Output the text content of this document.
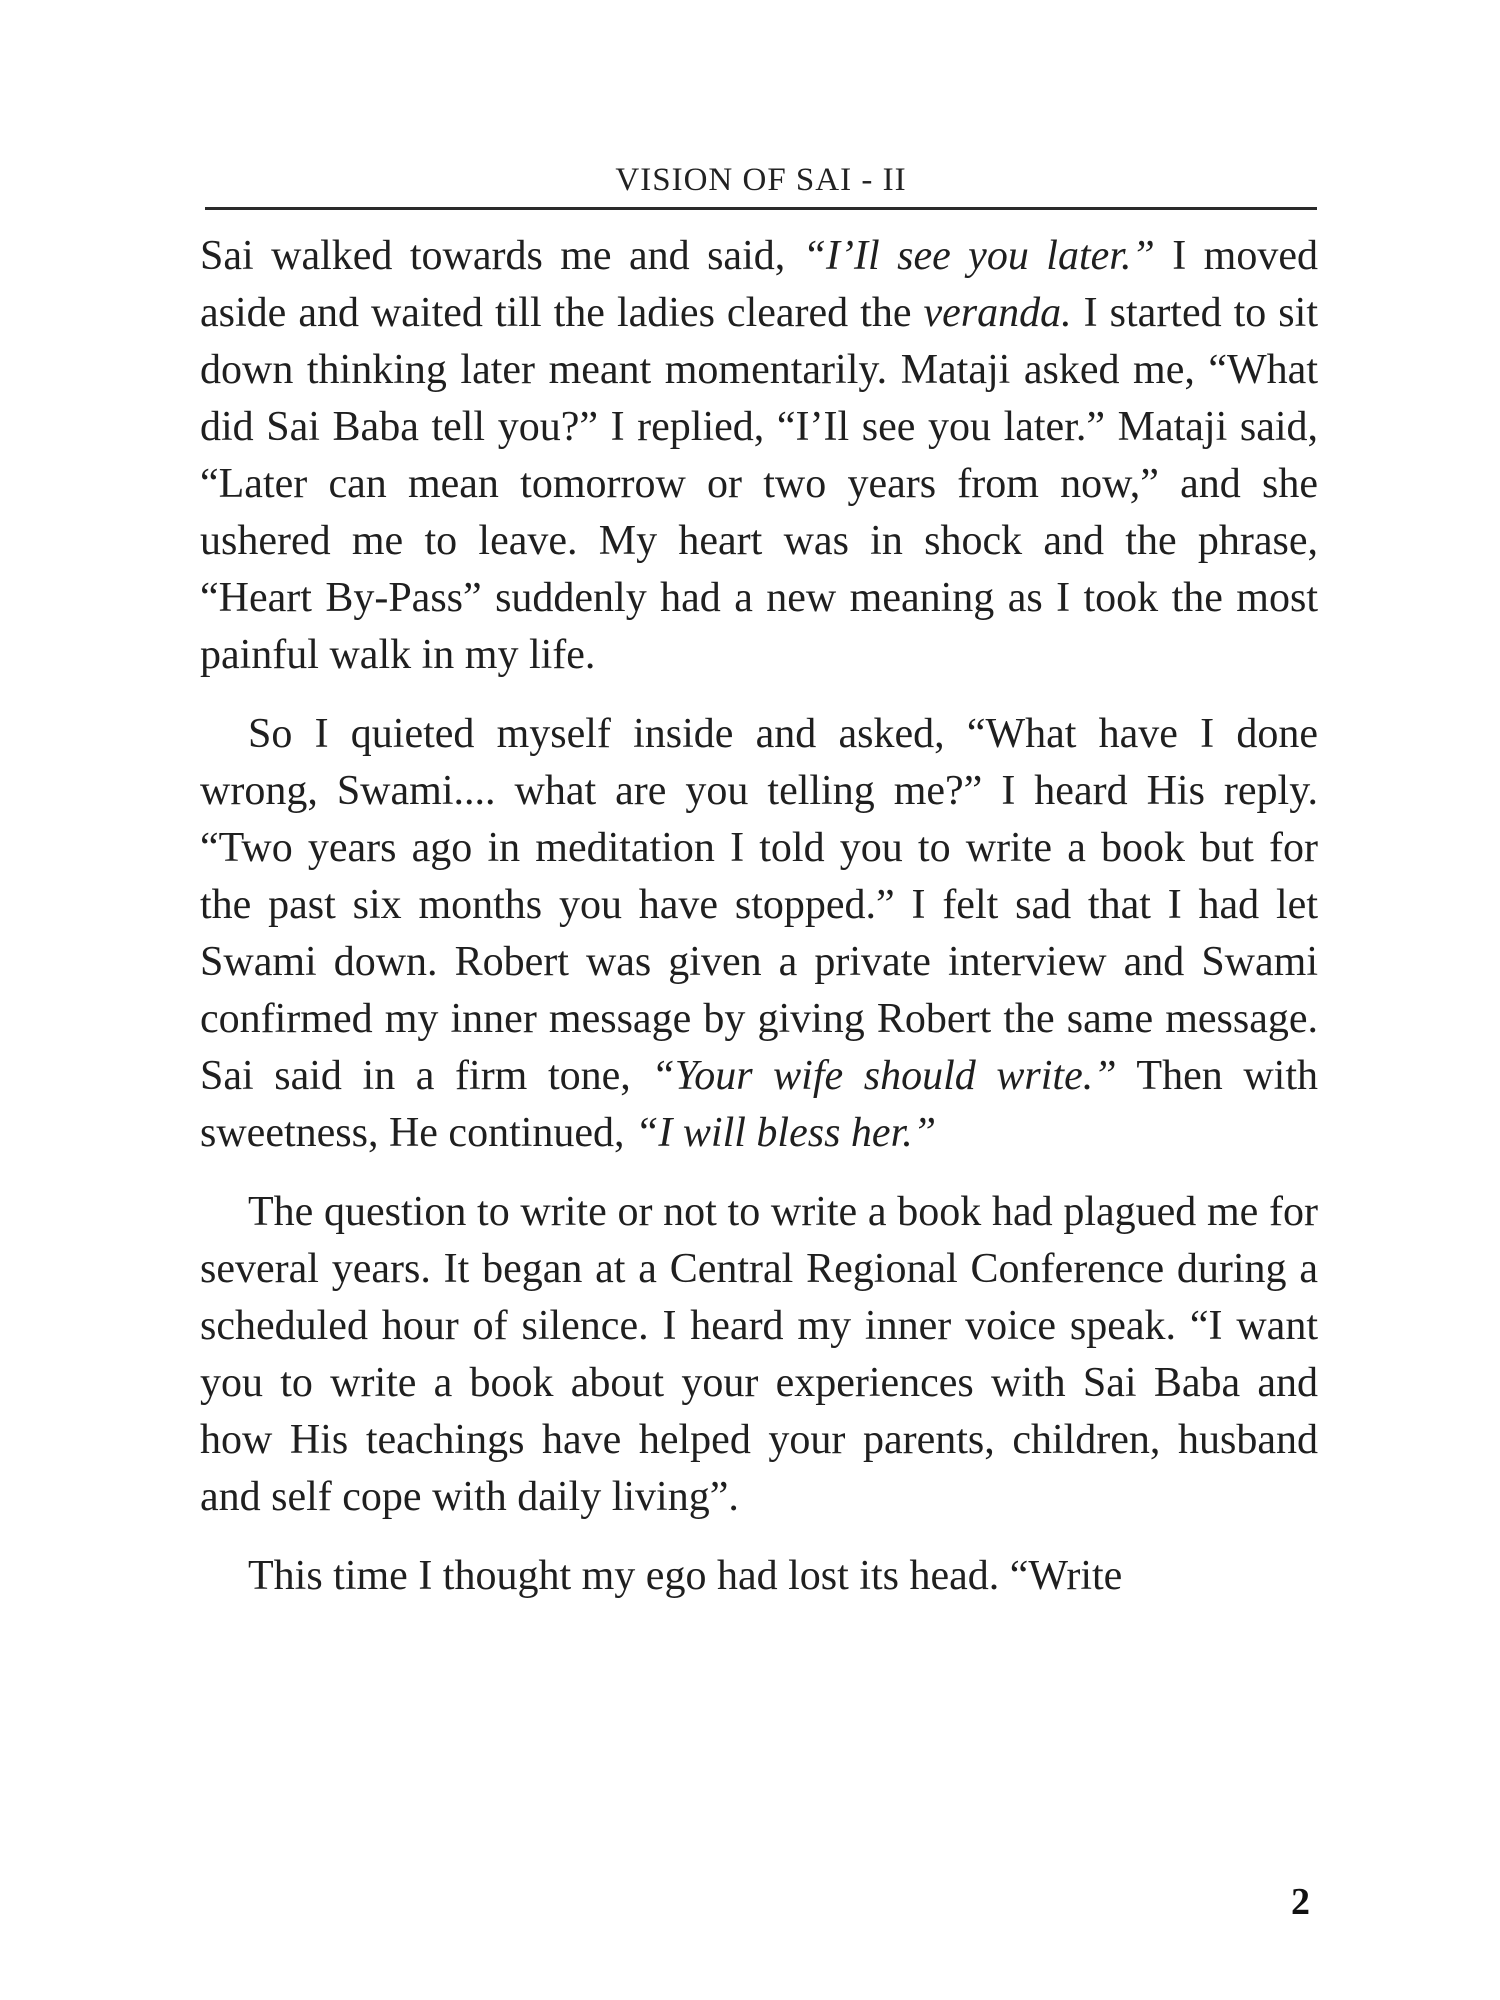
VISION OF SAI - II

Sai walked towards me and said, “I’Il see you later.” I moved aside and waited till the ladies cleared the veranda. I started to sit down thinking later meant momentarily. Mataji asked me, “What did Sai Baba tell you?” I replied, “I’Il see you later.” Mataji said, “Later can mean tomorrow or two years from now,” and she ushered me to leave. My heart was in shock and the phrase, “Heart By-Pass” suddenly had a new meaning as I took the most painful walk in my life.

So I quieted myself inside and asked, “What have I done wrong, Swami.... what are you telling me?” I heard His reply. “Two years ago in meditation I told you to write a book but for the past six months you have stopped.” I felt sad that I had let Swami down. Robert was given a private interview and Swami confirmed my inner message by giving Robert the same message. Sai said in a firm tone, “Your wife should write.” Then with sweetness, He continued, “I will bless her.”

The question to write or not to write a book had plagued me for several years. It began at a Central Regional Conference during a scheduled hour of silence. I heard my inner voice speak. “I want you to write a book about your experiences with Sai Baba and how His teachings have helped your parents, children, husband and self cope with daily living”.

This time I thought my ego had lost its head. “Write

2
